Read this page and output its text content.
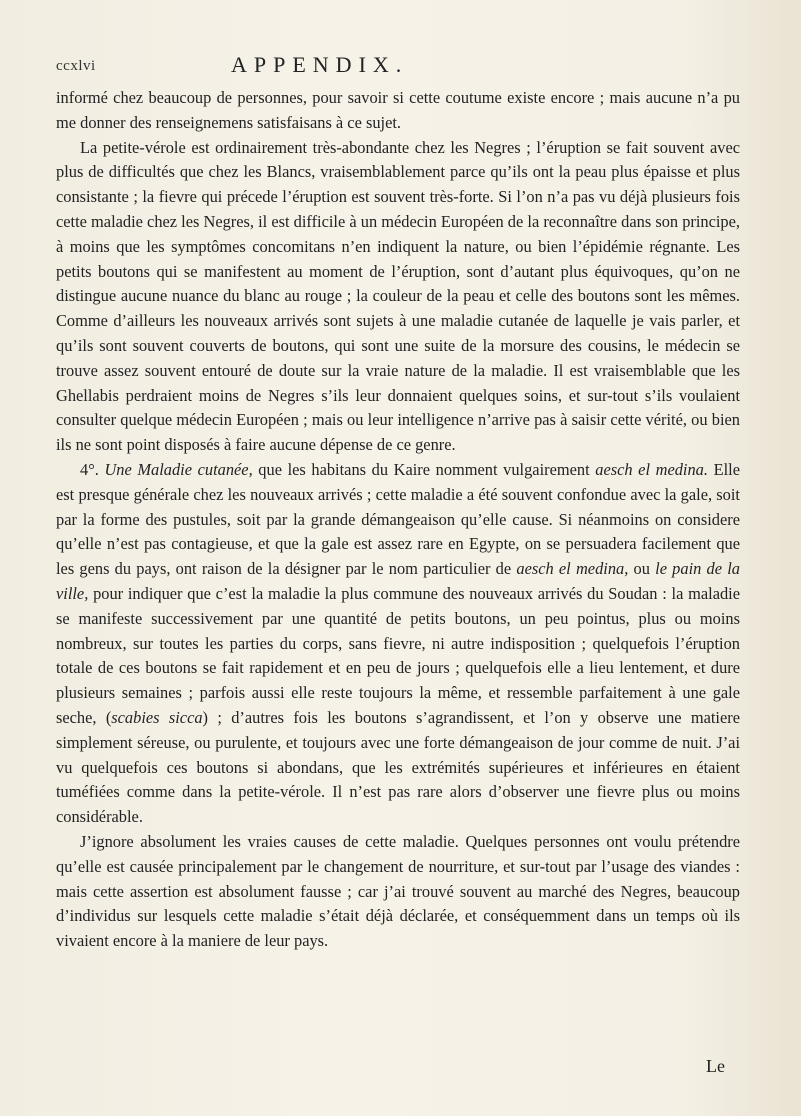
ccxlvi	APPENDIX.

informé chez beaucoup de personnes, pour savoir si cette coutume existe encore ; mais aucune n’a pu me donner des renseignemens satisfaisans à ce sujet.

La petite-vérole est ordinairement très-abondante chez les Negres ; l’éruption se fait souvent avec plus de difficultés que chez les Blancs, vraisemblablement parce qu’ils ont la peau plus épaisse et plus consistante ; la fievre qui précede l’éruption est souvent très-forte. Si l’on n’a pas vu déjà plusieurs fois cette maladie chez les Negres, il est difficile à un médecin Européen de la reconnaître dans son principe, à moins que les symptômes concomitans n’en indiquent la nature, ou bien l’épidémie régnante. Les petits boutons qui se manifestent au moment de l’éruption, sont d’autant plus équivoques, qu’on ne distingue aucune nuance du blanc au rouge ; la couleur de la peau et celle des boutons sont les mêmes. Comme d’ailleurs les nouveaux arrivés sont sujets à une maladie cutanée de laquelle je vais parler, et qu’ils sont souvent couverts de boutons, qui sont une suite de la morsure des cousins, le médecin se trouve assez souvent entouré de doute sur la vraie nature de la maladie. Il est vraisemblable que les Ghellabis perdraient moins de Negres s’ils leur donnaient quelques soins, et sur-tout s’ils voulaient consulter quelque médecin Européen ; mais ou leur intelligence n’arrive pas à saisir cette vérité, ou bien ils ne sont point disposés à faire aucune dépense de ce genre.

4°. Une Maladie cutanée, que les habitans du Kaire nomment vulgairement aesch el medina. Elle est presque générale chez les nouveaux arrivés ; cette maladie a été souvent confondue avec la gale, soit par la forme des pustules, soit par la grande démangeaison qu’elle cause. Si néanmoins on considere qu’elle n’est pas contagieuse, et que la gale est assez rare en Egypte, on se persuadera facilement que les gens du pays, ont raison de la désigner par le nom particulier de aesch el medina, ou le pain de la ville, pour indiquer que c’est la maladie la plus commune des nouveaux arrivés du Soudan : la maladie se manifeste successivement par une quantité de petits boutons, un peu pointus, plus ou moins nombreux, sur toutes les parties du corps, sans fievre, ni autre indisposition ; quelquefois l’éruption totale de ces boutons se fait rapidement et en peu de jours ; quelquefois elle a lieu lentement, et dure plusieurs semaines ; parfois aussi elle reste toujours la même, et ressemble parfaitement à une gale seche, (scabies sicca) ; d’autres fois les boutons s’agrandissent, et l’on y observe une matiere simplement séreuse, ou purulente, et toujours avec une forte démangeaison de jour comme de nuit. J’ai vu quelquefois ces boutons si abondans, que les extrémités supérieures et inférieures en étaient tuméfiées comme dans la petite-vérole. Il n’est pas rare alors d’observer une fievre plus ou moins considérable.

J’ignore absolument les vraies causes de cette maladie. Quelques personnes ont voulu prétendre qu’elle est causée principalement par le changement de nourriture, et sur-tout par l’usage des viandes : mais cette assertion est absolument fausse ; car j’ai trouvé souvent au marché des Negres, beaucoup d’individus sur lesquels cette maladie s’était déjà déclarée, et conséquemment dans un temps où ils vivaient encore à la maniere de leur pays.

Le
